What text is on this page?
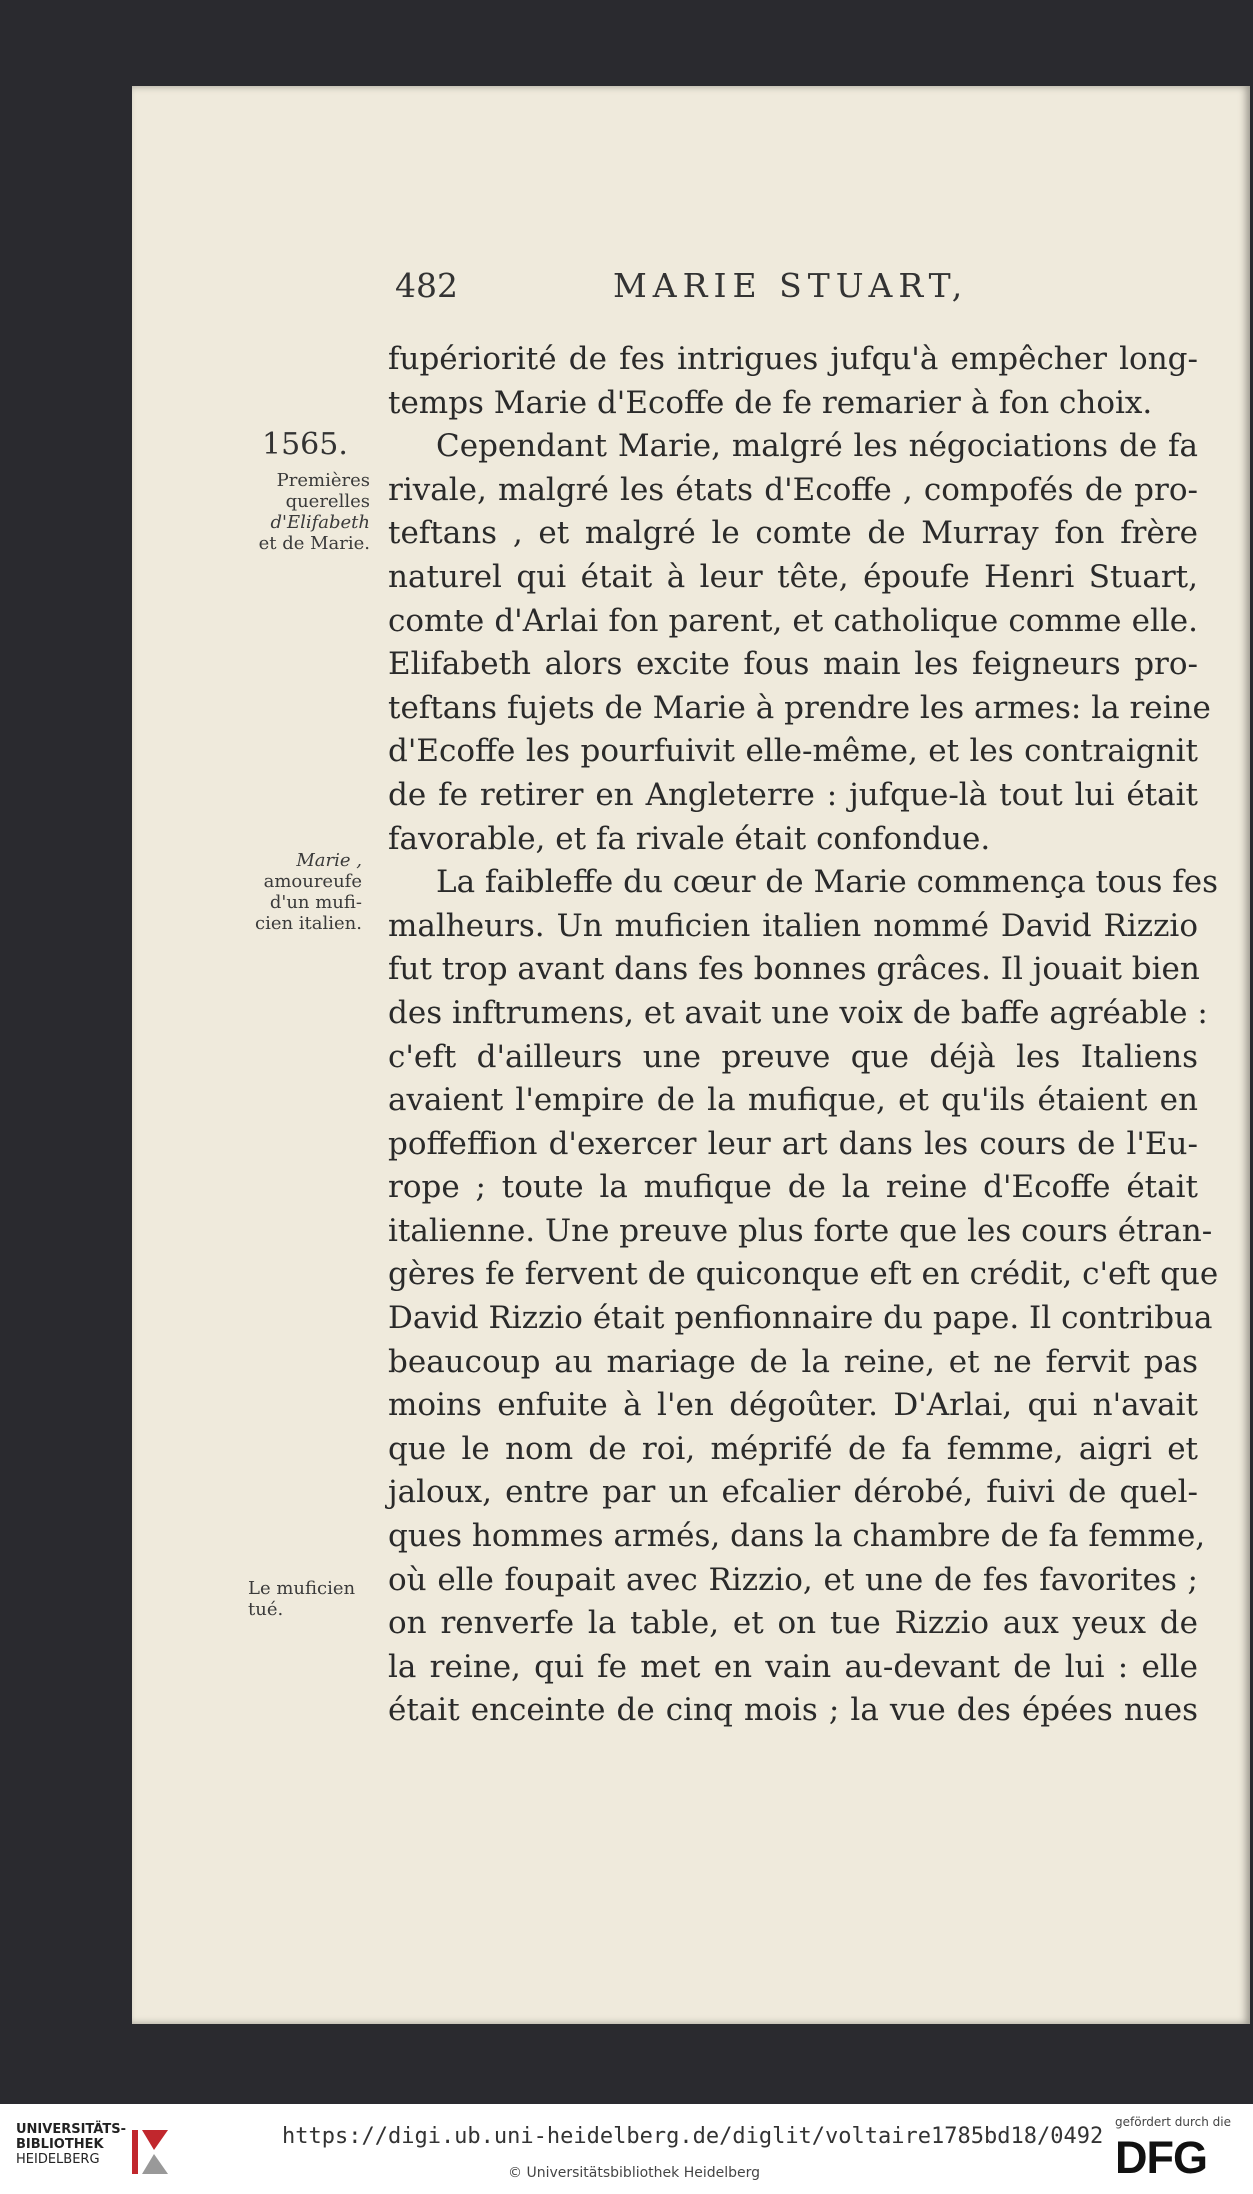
482	MARIE STUART,
1565.
Premières
querelles
d'Elifabeth
et de Marie.
Marie ,
amoureufe
d'un mufi-
cien italien.
Le muficien
tué.
fupériorité de fes intrigues jufqu'à empêcher long-
temps Marie d'Ecoffe de fe remarier à fon choix.
Cependant Marie, malgré les négociations de fa
rivale, malgré les états d'Ecoffe , compofés de pro-
teftans , et malgré le comte de Murray fon frère
naturel qui était à leur tête, époufe Henri Stuart,
comte d'Arlai fon parent, et catholique comme elle.
Elifabeth alors excite fous main les feigneurs pro-
teftans fujets de Marie à prendre les armes: la reine
d'Ecoffe les pourfuivit elle-même, et les contraignit
de fe retirer en Angleterre : jufque-là tout lui était
favorable, et fa rivale était confondue.
La faibleffe du cœur de Marie commença tous fes
malheurs. Un muficien italien nommé David Rizzio
fut trop avant dans fes bonnes grâces. Il jouait bien
des inftrumens, et avait une voix de baffe agréable :
c'eft d'ailleurs une preuve que déjà les Italiens
avaient l'empire de la mufique, et qu'ils étaient en
poffeffion d'exercer leur art dans les cours de l'Eu-
rope ; toute la mufique de la reine d'Ecoffe était
italienne. Une preuve plus forte que les cours étran-
gères fe fervent de quiconque eft en crédit, c'eft que
David Rizzio était penfionnaire du pape. Il contribua
beaucoup au mariage de la reine, et ne fervit pas
moins enfuite à l'en dégoûter. D'Arlai, qui n'avait
que le nom de roi, méprifé de fa femme, aigri et
jaloux, entre par un efcalier dérobé, fuivi de quel-
ques hommes armés, dans la chambre de fa femme,
où elle foupait avec Rizzio, et une de fes favorites ;
on renverfe la table, et on tue Rizzio aux yeux de
la reine, qui fe met en vain au-devant de lui : elle
était enceinte de cinq mois ; la vue des épées nues
UNIVERSITÄTS-
BIBLIOTHEK
HEIDELBERG
https://digi.ub.uni-heidelberg.de/diglit/voltaire1785bd18/0492
© Universitätsbibliothek Heidelberg
gefördert durch die
DFG
